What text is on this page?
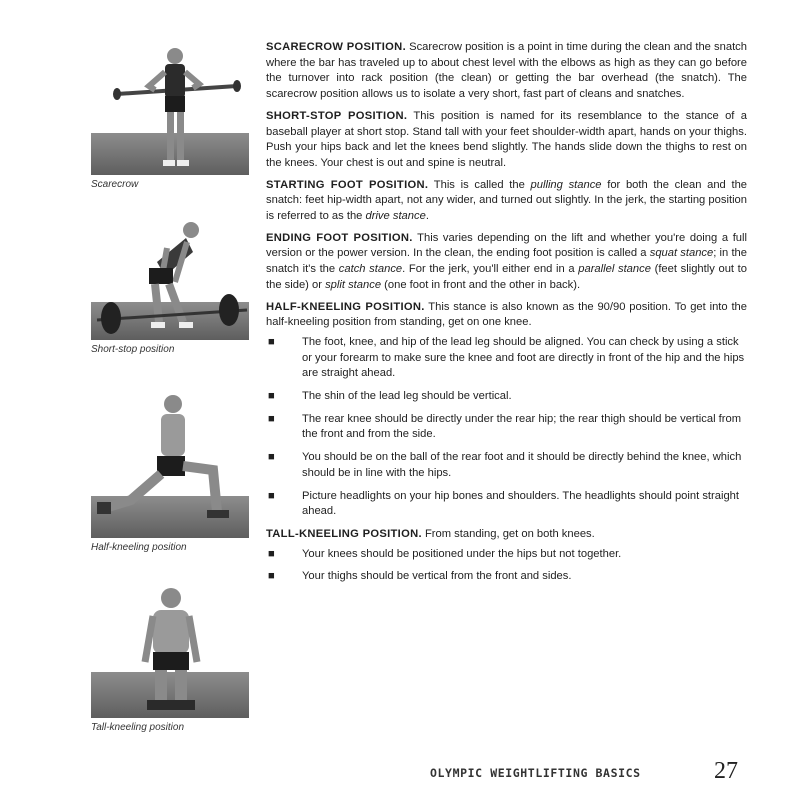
Scarecrow
Short-stop position
Half-kneeling position
Tall-kneeling position

SCARECROW POSITION. Scarecrow position is a point in time during the clean and the snatch where the bar has traveled up to about chest level with the elbows as high as they can go before the turnover into rack position (the clean) or getting the bar overhead (the snatch). The scarecrow position allows us to isolate a very short, fast part of cleans and snatches.

SHORT-STOP POSITION. This position is named for its resemblance to the stance of a baseball player at short stop. Stand tall with your feet shoulder-width apart, hands on your thighs. Push your hips back and let the knees bend slightly. The hands slide down the thighs to rest on the knees. Your chest is out and spine is neutral.

STARTING FOOT POSITION. This is called the pulling stance for both the clean and the snatch: feet hip-width apart, not any wider, and turned out slightly. In the jerk, the starting position is referred to as the drive stance.

ENDING FOOT POSITION. This varies depending on the lift and whether you're doing a full version or the power version. In the clean, the ending foot position is called a squat stance; in the snatch it's the catch stance. For the jerk, you'll either end in a parallel stance (feet slightly out to the side) or split stance (one foot in front and the other in back).

HALF-KNEELING POSITION. This stance is also known as the 90/90 position. To get into the half-kneeling position from standing, get on one knee.

■ The foot, knee, and hip of the lead leg should be aligned. You can check by using a stick or your forearm to make sure the knee and foot are directly in front of the hip and the hips are straight ahead.
■ The shin of the lead leg should be vertical.
■ The rear knee should be directly under the rear hip; the rear thigh should be vertical from the front and from the side.
■ You should be on the ball of the rear foot and it should be directly behind the knee, which should be in line with the hips.
■ Picture headlights on your hip bones and shoulders. The headlights should point straight ahead.

TALL-KNEELING POSITION. From standing, get on both knees.

■ Your knees should be positioned under the hips but not together.
■ Your thighs should be vertical from the front and sides.
OLYMPIC WEIGHTLIFTING BASICS	27
